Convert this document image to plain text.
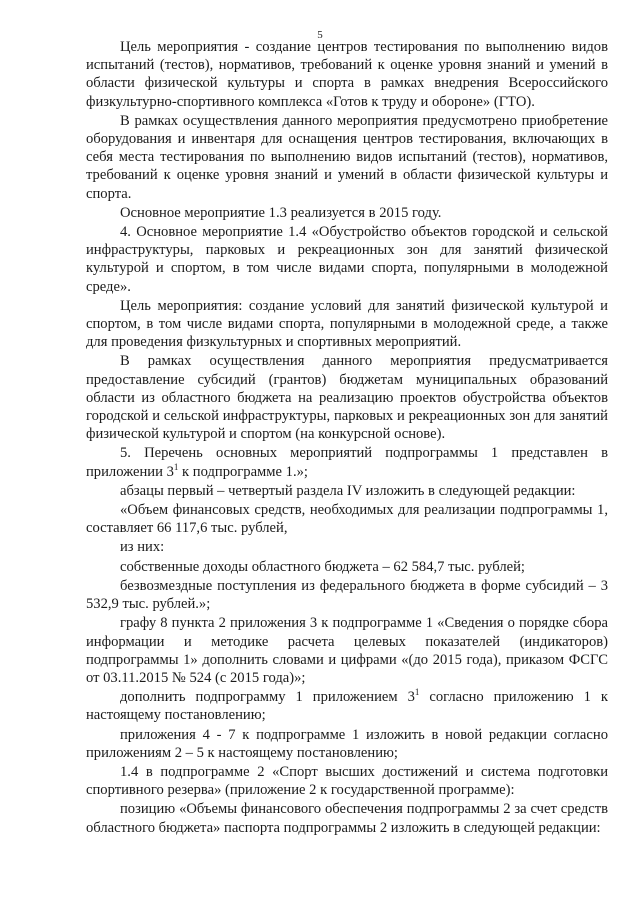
5

Цель мероприятия - создание центров тестирования по выполнению видов испытаний (тестов), нормативов, требований к оценке уровня знаний и умений в области физической культуры и спорта в рамках внедрения Всероссийского физкультурно-спортивного комплекса «Готов к труду и обороне» (ГТО).

В рамках осуществления данного мероприятия предусмотрено приобретение оборудования и инвентаря для оснащения центров тестирования, включающих в себя места тестирования по выполнению видов испытаний (тестов), нормативов, требований к оценке уровня знаний и умений в области физической культуры и спорта.

Основное мероприятие 1.3 реализуется в 2015 году.

4. Основное мероприятие 1.4 «Обустройство объектов городской и сельской инфраструктуры, парковых и рекреационных зон для занятий физической культурой и спортом, в том числе видами спорта, популярными в молодежной среде».

Цель мероприятия: создание условий для занятий физической культурой и спортом, в том числе видами спорта, популярными в молодежной среде, а также для проведения физкультурных и спортивных мероприятий.

В рамках осуществления данного мероприятия предусматривается предоставление субсидий (грантов) бюджетам муниципальных образований области из областного бюджета на реализацию проектов обустройства объектов городской и сельской инфраструктуры, парковых и рекреационных зон для занятий физической культурой и спортом (на конкурсной основе).

5. Перечень основных мероприятий подпрограммы 1 представлен в приложении $3^1$ к подпрограмме 1.»;

абзацы первый – четвертый раздела IV изложить в следующей редакции:

«Объем финансовых средств, необходимых для реализации подпрограммы 1, составляет 66 117,6 тыс. рублей,

из них:

собственные доходы областного бюджета – 62 584,7 тыс. рублей;

безвозмездные поступления из федерального бюджета в форме субсидий – 3 532,9 тыс. рублей.»;

графу 8 пункта 2 приложения 3 к подпрограмме 1 «Сведения о порядке сбора информации и методике расчета целевых показателей (индикаторов) подпрограммы 1» дополнить словами и цифрами «(до 2015 года), приказом ФСГС от 03.11.2015 № 524 (с 2015 года)»;

дополнить подпрограмму 1 приложением $3^1$ согласно приложению 1 к настоящему постановлению;

приложения 4 - 7 к подпрограмме 1 изложить в новой редакции согласно приложениям 2 – 5 к настоящему постановлению;

1.4 в подпрограмме 2 «Спорт высших достижений и система подготовки спортивного резерва» (приложение 2 к государственной программе):

позицию «Объемы финансового обеспечения подпрограммы 2 за счет средств областного бюджета» паспорта подпрограммы 2 изложить в следующей редакции:
